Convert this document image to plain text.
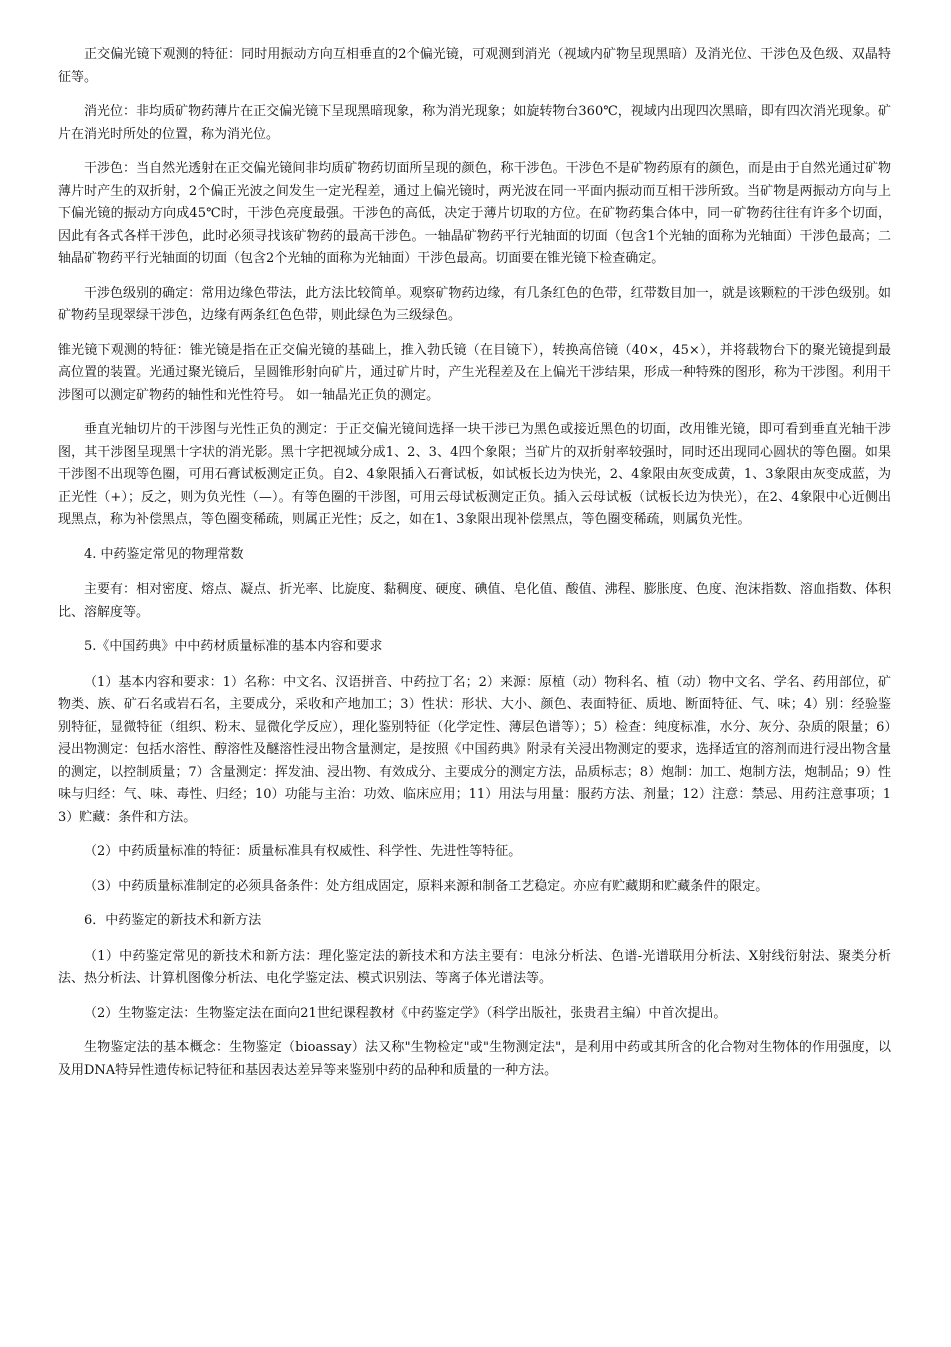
正交偏光镜下观测的特征：同时用振动方向互相垂直的2个偏光镜，可观测到消光（视域内矿物呈现黑暗）及消光位、干涉色及色级、双晶特征等。

消光位：非均质矿物药薄片在正交偏光镜下呈现黑暗现象，称为消光现象；如旋转物台360℃，视域内出现四次黑暗，即有四次消光现象。矿片在消光时所处的位置，称为消光位。

干涉色：当自然光透射在正交偏光镜间非均质矿物药切面所呈现的颜色，称干涉色。干涉色不是矿物药原有的颜色，而是由于自然光通过矿物薄片时产生的双折射，2个偏正光波之间发生一定光程差，通过上偏光镜时，两光波在同一平面内振动而互相干涉所致。当矿物是两振动方向与上下偏光镜的振动方向成45℃时，干涉色亮度最强。干涉色的高低，决定于薄片切取的方位。在矿物药集合体中，同一矿物药往往有许多个切面，因此有各式各样干涉色，此时必须寻找该矿物药的最高干涉色。一轴晶矿物药平行光轴面的切面（包含1个光轴的面称为光轴面）干涉色最高；二轴晶矿物药平行光轴面的切面（包含2个光轴的面称为光轴面）干涉色最高。切面要在锥光镜下检查确定。

干涉色级别的确定：常用边缘色带法，此方法比较简单。观察矿物药边缘，有几条红色的色带，红带数目加一，就是该颗粒的干涉色级别。如矿物药呈现翠绿干涉色，边缘有两条红色色带，则此绿色为三级绿色。

锥光镜下观测的特征：锥光镜是指在正交偏光镜的基础上，推入勃氏镜（在目镜下），转换高倍镜（40×，45×），并将载物台下的聚光镜提到最高位置的装置。光通过聚光镜后，呈圆锥形射向矿片，通过矿片时，产生光程差及在上偏光干涉结果，形成一种特殊的图形，称为干涉图。利用干涉图可以测定矿物药的轴性和光性符号。 如一轴晶光正负的测定。

垂直光轴切片的干涉图与光性正负的测定：于正交偏光镜间选择一块干涉已为黑色或接近黑色的切面，改用锥光镜，即可看到垂直光轴干涉图，其干涉图呈现黑十字状的消光影。黑十字把视域分成1、2、3、4四个象限；当矿片的双折射率较强时，同时还出现同心圆状的等色圈。如果干涉图不出现等色圈，可用石膏试板测定正负。自2、4象限插入石膏试板，如试板长边为快光，2、4象限由灰变成黄，1、3象限由灰变成蓝，为正光性（+）；反之，则为负光性（—）。有等色圈的干涉图，可用云母试板测定正负。插入云母试板（试板长边为快光），在2、4象限中心近侧出现黑点，称为补偿黑点，等色圈变稀疏，则属正光性；反之，如在1、3象限出现补偿黑点，等色圈变稀疏，则属负光性。

4. 中药鉴定常见的物理常数

主要有：相对密度、熔点、凝点、折光率、比旋度、黏稠度、硬度、碘值、皂化值、酸值、沸程、膨胀度、色度、泡沫指数、溶血指数、体积比、溶解度等。

5.《中国药典》中中药材质量标准的基本内容和要求

（1）基本内容和要求：1）名称：中文名、汉语拼音、中药拉丁名；2）来源：原植（动）物科名、植（动）物中文名、学名、药用部位，矿物类、族、矿石名或岩石名，主要成分，采收和产地加工；3）性状：形状、大小、颜色、表面特征、质地、断面特征、气、味；4）别：经验鉴别特征，显微特征（组织、粉末、显微化学反应），理化鉴别特征（化学定性、薄层色谱等）；5）检查：纯度标准，水分、灰分、杂质的限量；6）浸出物测定：包括水溶性、醇溶性及醚溶性浸出物含量测定，是按照《中国药典》附录有关浸出物测定的要求，选择适宜的溶剂而进行浸出物含量的测定，以控制质量；7）含量测定：挥发油、浸出物、有效成分、主要成分的测定方法，品质标志；8）炮制：加工、炮制方法，炮制品；9）性味与归经：气、味、毒性、归经；10）功能与主治：功效、临床应用；11）用法与用量：服药方法、剂量；12）注意：禁忌、用药注意事项；13）贮藏：条件和方法。

（2）中药质量标准的特征：质量标准具有权威性、科学性、先进性等特征。

（3）中药质量标准制定的必须具备条件：处方组成固定，原料来源和制备工艺稳定。亦应有贮藏期和贮藏条件的限定。

6．中药鉴定的新技术和新方法

（1）中药鉴定常见的新技术和新方法：理化鉴定法的新技术和方法主要有：电泳分析法、色谱-光谱联用分析法、X射线衍射法、聚类分析法、热分析法、计算机图像分析法、电化学鉴定法、模式识别法、等离子体光谱法等。

（2）生物鉴定法：生物鉴定法在面向21世纪课程教材《中药鉴定学》（科学出版社，张贵君主编）中首次提出。

生物鉴定法的基本概念：生物鉴定（bioassay）法又称"生物检定"或"生物测定法"，是利用中药或其所含的化合物对生物体的作用强度，以及用DNA特异性遗传标记特征和基因表达差异等来鉴别中药的品种和质量的一种方法。
